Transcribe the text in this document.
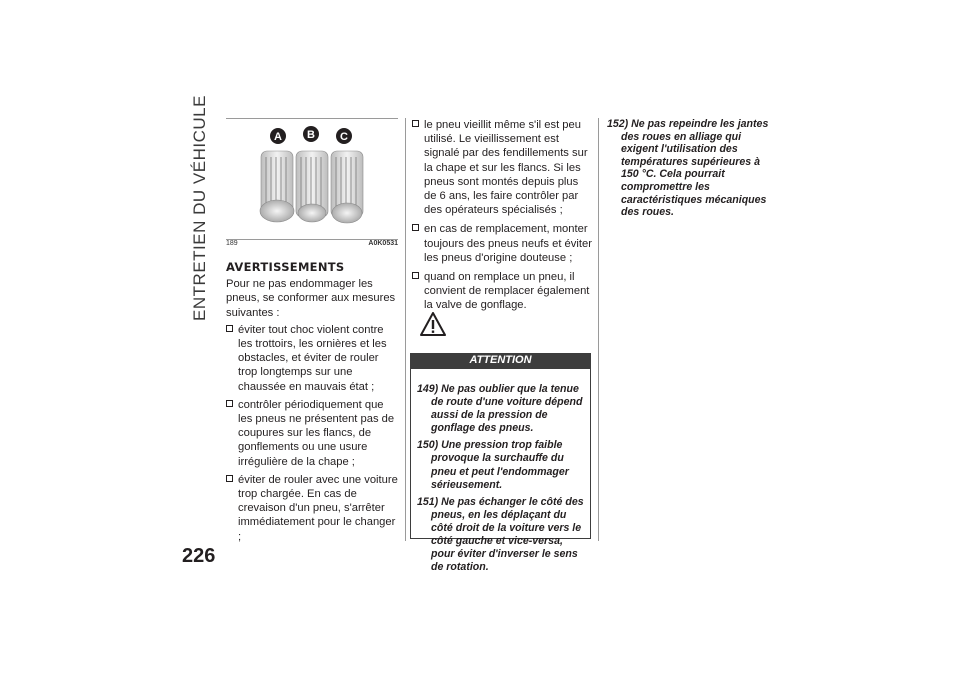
ENTRETIEN DU VÉHICULE
226
A B C
189	A0K0531
AVERTISSEMENTS

Pour ne pas endommager les pneus, se conformer aux mesures suivantes :

éviter tout choc violent contre les trottoirs, les ornières et les obstacles, et éviter de rouler trop longtemps sur une chaussée en mauvais état ;
contrôler périodiquement que les pneus ne présentent pas de coupures sur les flancs, de gonflements ou une usure irrégulière de la chape ;
éviter de rouler avec une voiture trop chargée. En cas de crevaison d'un pneu, s'arrêter immédiatement pour le changer ;
le pneu vieillit même s'il est peu utilisé. Le vieillissement est signalé par des fendillements sur la chape et sur les flancs. Si les pneus sont montés depuis plus de 6 ans, les faire contrôler par des opérateurs spécialisés ;
en cas de remplacement, monter toujours des pneus neufs et éviter les pneus d'origine douteuse ;
quand on remplace un pneu, il convient de remplacer également la valve de gonflage.
ATTENTION
149) Ne pas oublier que la tenue de route d'une voiture dépend aussi de la pression de gonflage des pneus.
150) Une pression trop faible provoque la surchauffe du pneu et peut l'endommager sérieusement.
151) Ne pas échanger le côté des pneus, en les déplaçant du côté droit de la voiture vers le côté gauche et vice-versa, pour éviter d'inverser le sens de rotation.
152) Ne pas repeindre les jantes des roues en alliage qui exigent l'utilisation des températures supérieures à 150 °C. Cela pourrait compromettre les caractéristiques mécaniques des roues.
